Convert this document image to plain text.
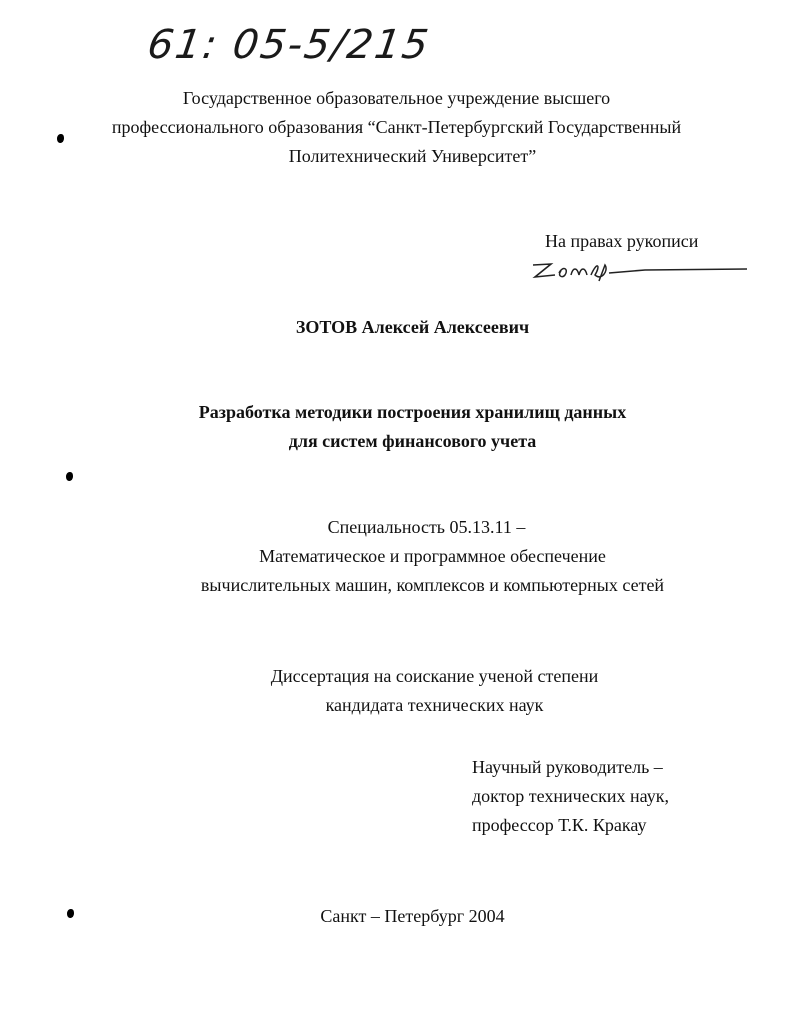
61: 05-5/215
Государственное образовательное учреждение высшего
профессионального образования “Санкт-Петербургский Государственный
Политехнический Университет”
На правах рукописи
ЗОТОВ Алексей Алексеевич
Разработка методики построения хранилищ данных
для систем финансового учета
Специальность 05.13.11 –
Математическое и программное обеспечение
вычислительных машин, комплексов и компьютерных сетей
Диссертация на соискание ученой степени
кандидата технических наук
Научный руководитель –
доктор технических наук,
профессор Т.К. Кракау
Санкт – Петербург 2004
